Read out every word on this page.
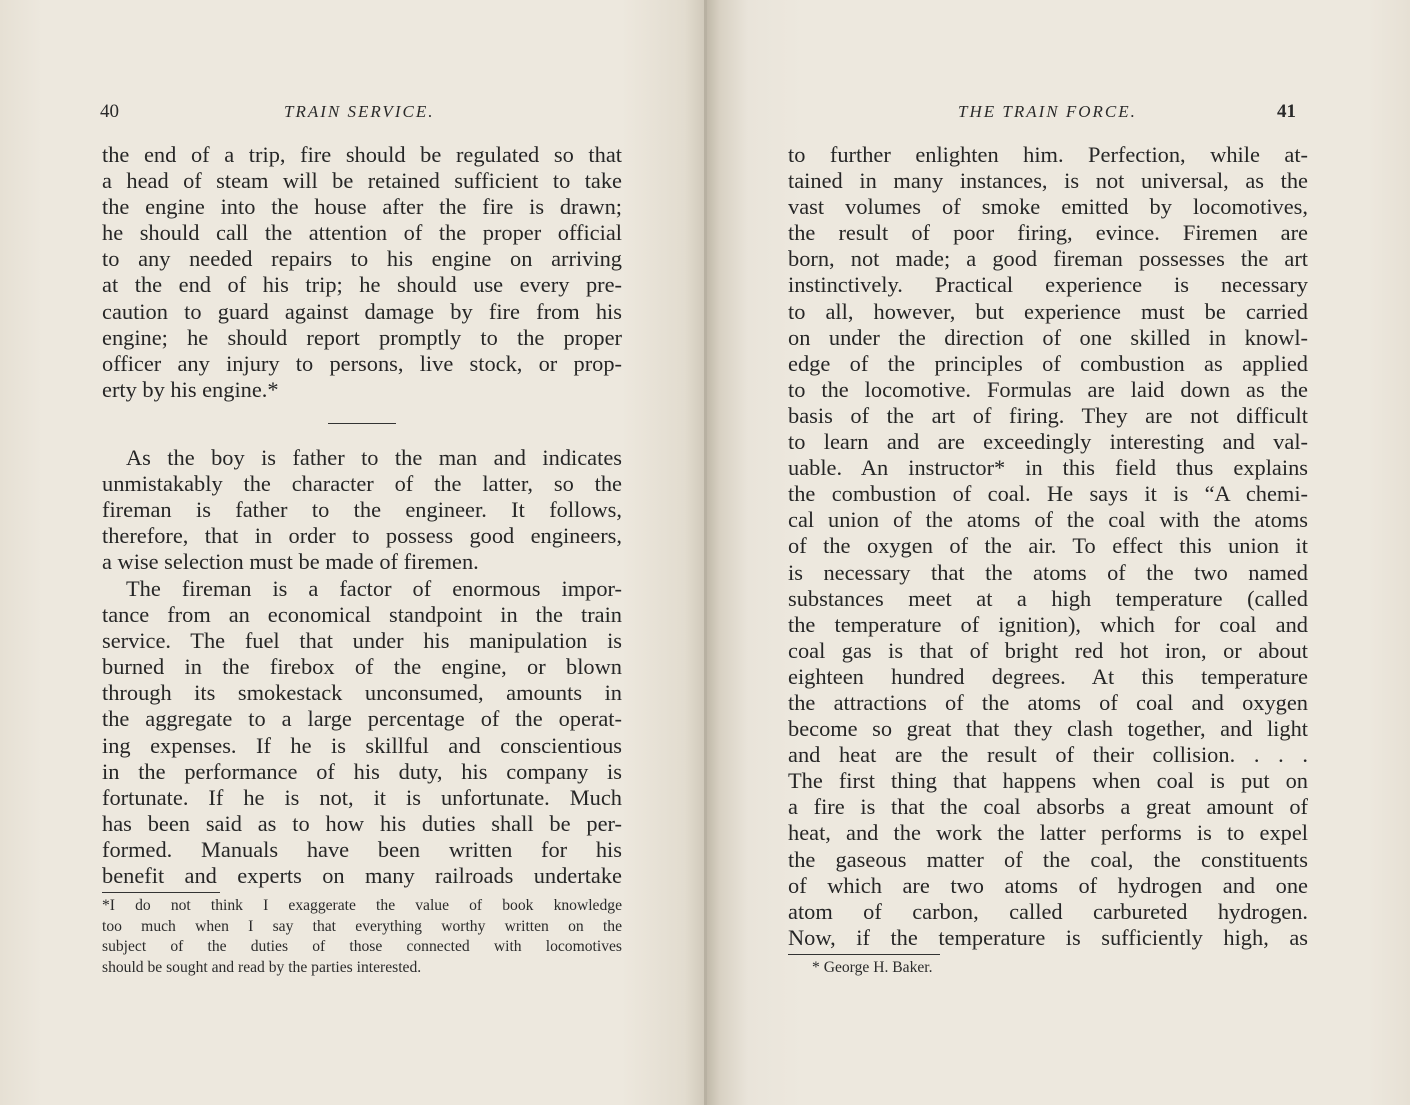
40	TRAIN SERVICE.
the end of a trip, fire should be regulated so that
a head of steam will be retained sufficient to take
the engine into the house after the fire is drawn;
he should call the attention of the proper official
to any needed repairs to his engine on arriving
at the end of his trip; he should use every pre-
caution to guard against damage by fire from his
engine; he should report promptly to the proper
officer any injury to persons, live stock, or prop-
erty by his engine.*
As the boy is father to the man and indicates
unmistakably the character of the latter, so the
fireman is father to the engineer. It follows,
therefore, that in order to possess good engineers,
a wise selection must be made of firemen.
The fireman is a factor of enormous impor-
tance from an economical standpoint in the train
service. The fuel that under his manipulation is
burned in the firebox of the engine, or blown
through its smokestack unconsumed, amounts in
the aggregate to a large percentage of the operat-
ing expenses. If he is skillful and conscientious
in the performance of his duty, his company is
fortunate. If he is not, it is unfortunate. Much
has been said as to how his duties shall be per-
formed. Manuals have been written for his
benefit and experts on many railroads undertake
*I do not think I exaggerate the value of book knowledge
too much when I say that everything worthy written on the
subject of the duties of those connected with locomotives
should be sought and read by the parties interested.
THE TRAIN FORCE.	41
to further enlighten him. Perfection, while at-
tained in many instances, is not universal, as the
vast volumes of smoke emitted by locomotives,
the result of poor firing, evince. Firemen are
born, not made; a good fireman possesses the art
instinctively. Practical experience is necessary
to all, however, but experience must be carried
on under the direction of one skilled in knowl-
edge of the principles of combustion as applied
to the locomotive. Formulas are laid down as the
basis of the art of firing. They are not difficult
to learn and are exceedingly interesting and val-
uable. An instructor* in this field thus explains
the combustion of coal. He says it is “A chemi-
cal union of the atoms of the coal with the atoms
of the oxygen of the air. To effect this union it
is necessary that the atoms of the two named
substances meet at a high temperature (called
the temperature of ignition), which for coal and
coal gas is that of bright red hot iron, or about
eighteen hundred degrees. At this temperature
the attractions of the atoms of coal and oxygen
become so great that they clash together, and light
and heat are the result of their collision. . . .
The first thing that happens when coal is put on
a fire is that the coal absorbs a great amount of
heat, and the work the latter performs is to expel
the gaseous matter of the coal, the constituents
of which are two atoms of hydrogen and one
atom of carbon, called carbureted hydrogen.
Now, if the temperature is sufficiently high, as
* George H. Baker.
